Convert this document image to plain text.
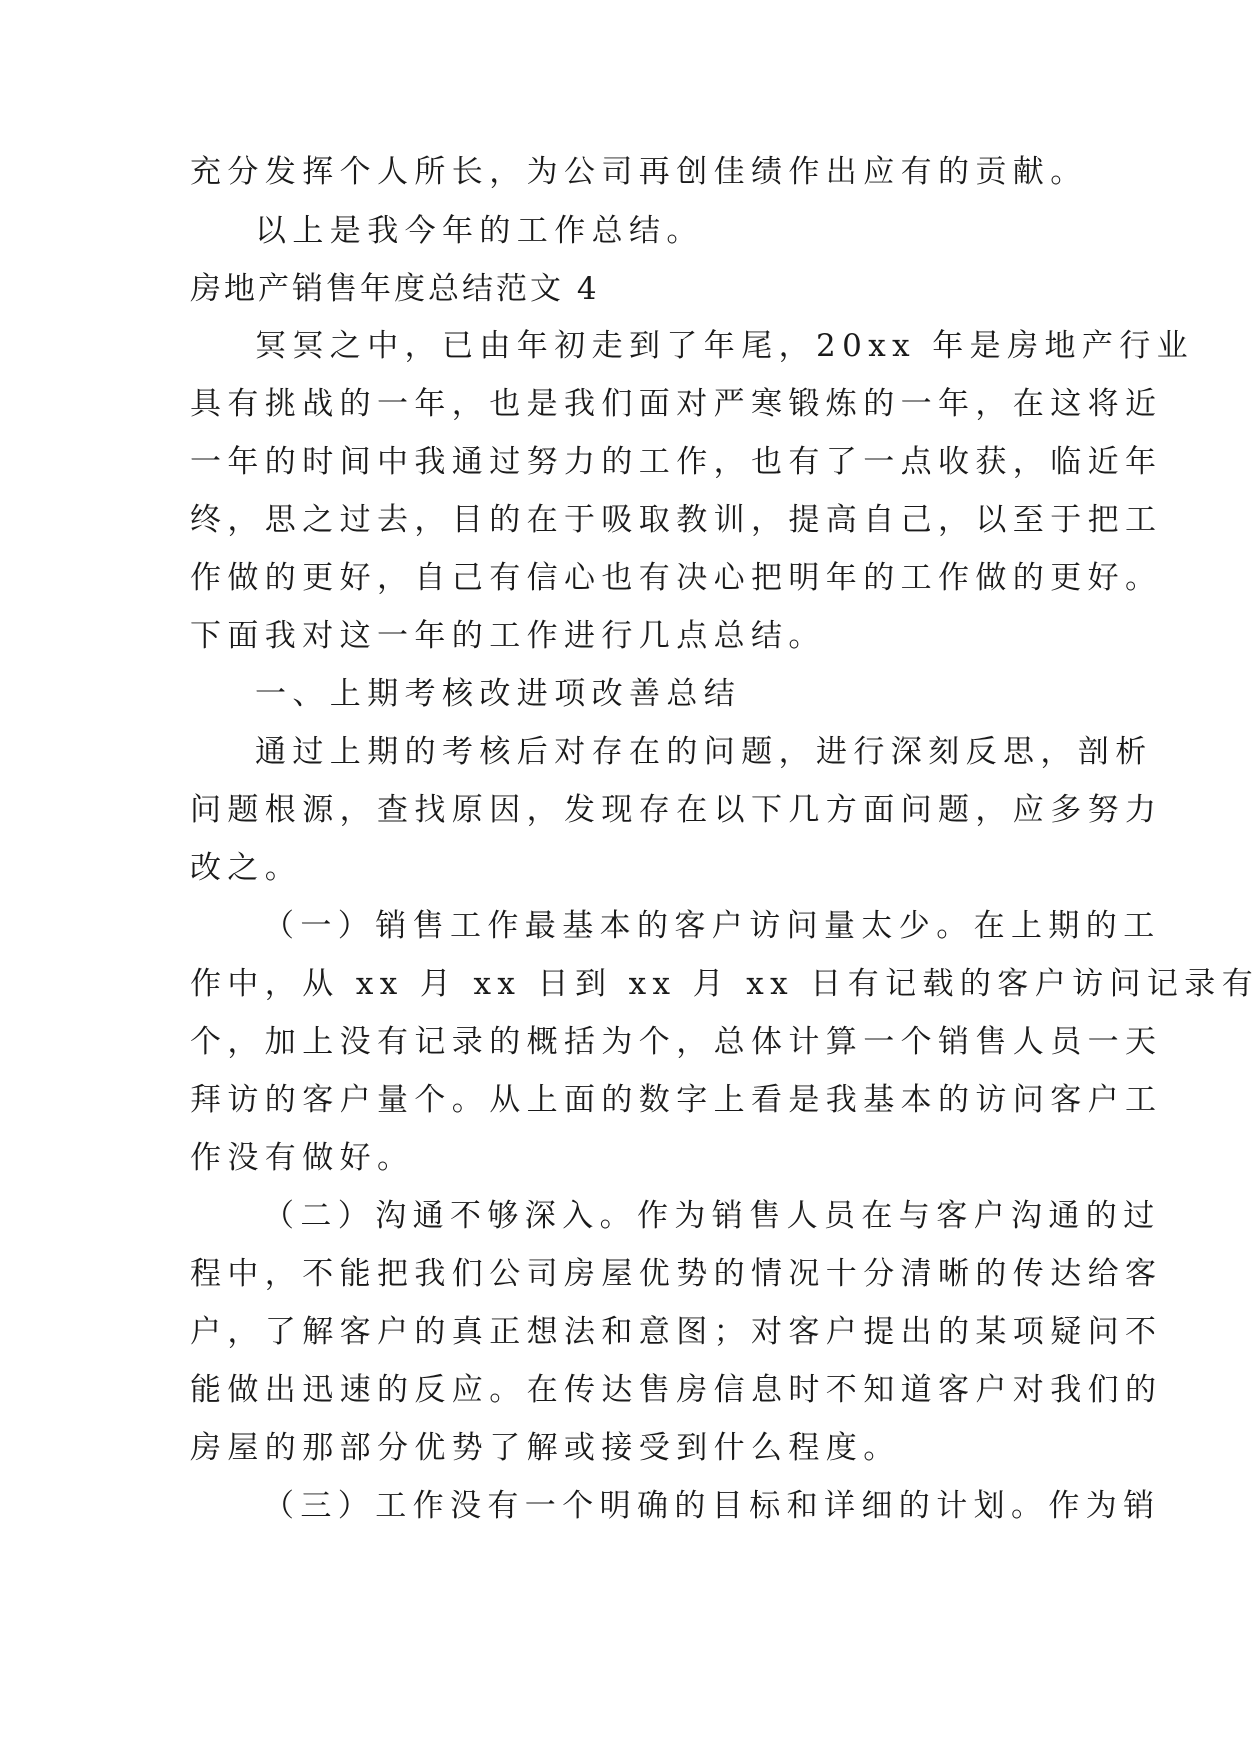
充分发挥个人所长，为公司再创佳绩作出应有的贡献。
以上是我今年的工作总结。
房地产销售年度总结范文 4
冥冥之中，已由年初走到了年尾，20xx 年是房地产行业
具有挑战的一年，也是我们面对严寒锻炼的一年，在这将近
一年的时间中我通过努力的工作，也有了一点收获，临近年
终，思之过去，目的在于吸取教训，提高自己，以至于把工
作做的更好，自己有信心也有决心把明年的工作做的更好。
下面我对这一年的工作进行几点总结。
一、上期考核改进项改善总结
通过上期的考核后对存在的问题，进行深刻反思，剖析
问题根源，查找原因，发现存在以下几方面问题，应多努力
改之。
（一）销售工作最基本的客户访问量太少。在上期的工
作中，从 xx 月 xx 日到 xx 月 xx 日有记载的客户访问记录有
个，加上没有记录的概括为个，总体计算一个销售人员一天
拜访的客户量个。从上面的数字上看是我基本的访问客户工
作没有做好。
（二）沟通不够深入。作为销售人员在与客户沟通的过
程中，不能把我们公司房屋优势的情况十分清晰的传达给客
户，了解客户的真正想法和意图；对客户提出的某项疑问不
能做出迅速的反应。在传达售房信息时不知道客户对我们的
房屋的那部分优势了解或接受到什么程度。
（三）工作没有一个明确的目标和详细的计划。作为销
